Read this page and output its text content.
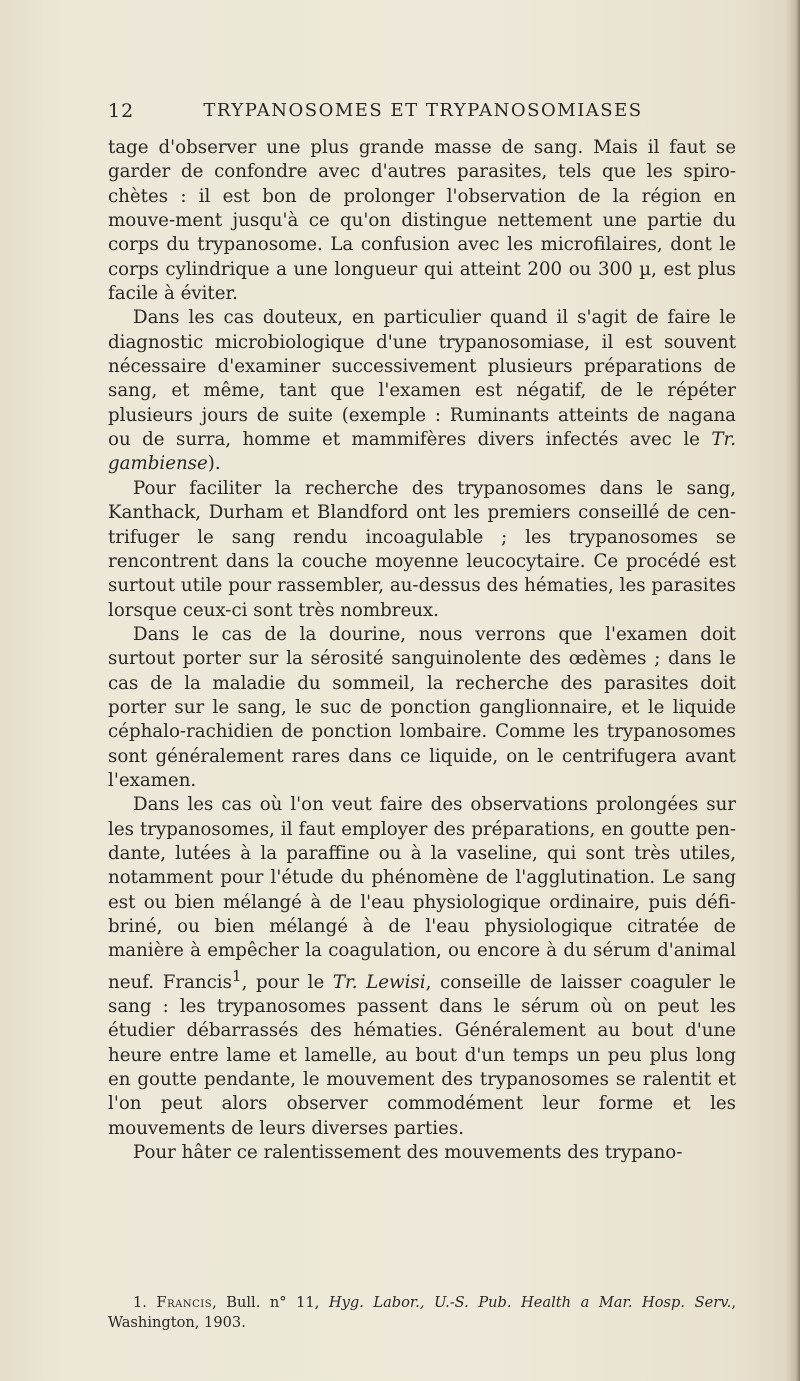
12	TRYPANOSOMES ET TRYPANOSOMIASES

tage d'observer une plus grande masse de sang. Mais il faut se garder de confondre avec d'autres parasites, tels que les spiro-chètes : il est bon de prolonger l'observation de la région en mouve-ment jusqu'à ce qu'on distingue nettement une partie du corps du trypanosome. La confusion avec les microfilaires, dont le corps cylindrique a une longueur qui atteint 200 ou 300 µ, est plus facile à éviter.

Dans les cas douteux, en particulier quand il s'agit de faire le diagnostic microbiologique d'une trypanosomiase, il est souvent nécessaire d'examiner successivement plusieurs préparations de sang, et même, tant que l'examen est négatif, de le répéter plusieurs jours de suite (exemple : Ruminants atteints de nagana ou de surra, homme et mammifères divers infectés avec le Tr. gambiense).

Pour faciliter la recherche des trypanosomes dans le sang, Kanthack, Durham et Blandford ont les premiers conseillé de cen-trifuger le sang rendu incoagulable ; les trypanosomes se rencontrent dans la couche moyenne leucocytaire. Ce procédé est surtout utile pour rassembler, au-dessus des hématies, les parasites lorsque ceux-ci sont très nombreux.

Dans le cas de la dourine, nous verrons que l'examen doit surtout porter sur la sérosité sanguinolente des œdèmes ; dans le cas de la maladie du sommeil, la recherche des parasites doit porter sur le sang, le suc de ponction ganglionnaire, et le liquide céphalo-rachidien de ponction lombaire. Comme les trypanosomes sont généralement rares dans ce liquide, on le centrifugera avant l'examen.

Dans les cas où l'on veut faire des observations prolongées sur les trypanosomes, il faut employer des préparations, en goutte pen-dante, lutées à la paraffine ou à la vaseline, qui sont très utiles, notamment pour l'étude du phénomène de l'agglutination. Le sang est ou bien mélangé à de l'eau physiologique ordinaire, puis défi-briné, ou bien mélangé à de l'eau physiologique citratée de manière à empêcher la coagulation, ou encore à du sérum d'animal neuf. Francis$^1$, pour le Tr. Lewisi, conseille de laisser coaguler le sang : les trypanosomes passent dans le sérum où on peut les étudier débarrassés des hématies. Généralement au bout d'une heure entre lame et lamelle, au bout d'un temps un peu plus long en goutte pendante, le mouvement des trypanosomes se ralentit et l'on peut alors observer commodément leur forme et les mouvements de leurs diverses parties.

Pour hâter ce ralentissement des mouvements des trypano-

1. Francis, Bull. n° 11, Hyg. Labor., U.-S. Pub. Health a Mar. Hosp. Serv., Washington, 1903.
